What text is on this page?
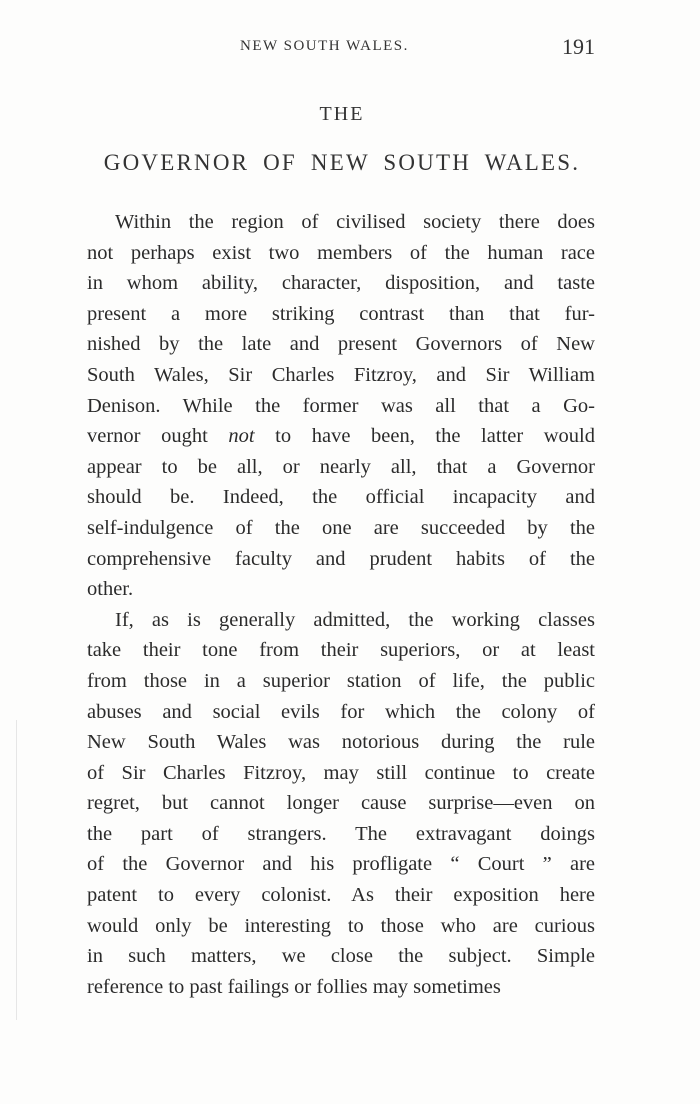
NEW SOUTH WALES.	191
THE
GOVERNOR OF NEW SOUTH WALES.
Within the region of civilised society there does
not perhaps exist two members of the human race
in whom ability, character, disposition, and taste
present a more striking contrast than that fur-
nished by the late and present Governors of New
South Wales, Sir Charles Fitzroy, and Sir William
Denison. While the former was all that a Go-
vernor ought not to have been, the latter would
appear to be all, or nearly all, that a Governor
should be. Indeed, the official incapacity and
self-indulgence of the one are succeeded by the
comprehensive faculty and prudent habits of the
other.
If, as is generally admitted, the working classes
take their tone from their superiors, or at least
from those in a superior station of life, the public
abuses and social evils for which the colony of
New South Wales was notorious during the rule
of Sir Charles Fitzroy, may still continue to create
regret, but cannot longer cause surprise—even on
the part of strangers. The extravagant doings
of the Governor and his profligate “ Court ” are
patent to every colonist. As their exposition here
would only be interesting to those who are curious
in such matters, we close the subject. Simple
reference to past failings or follies may sometimes
